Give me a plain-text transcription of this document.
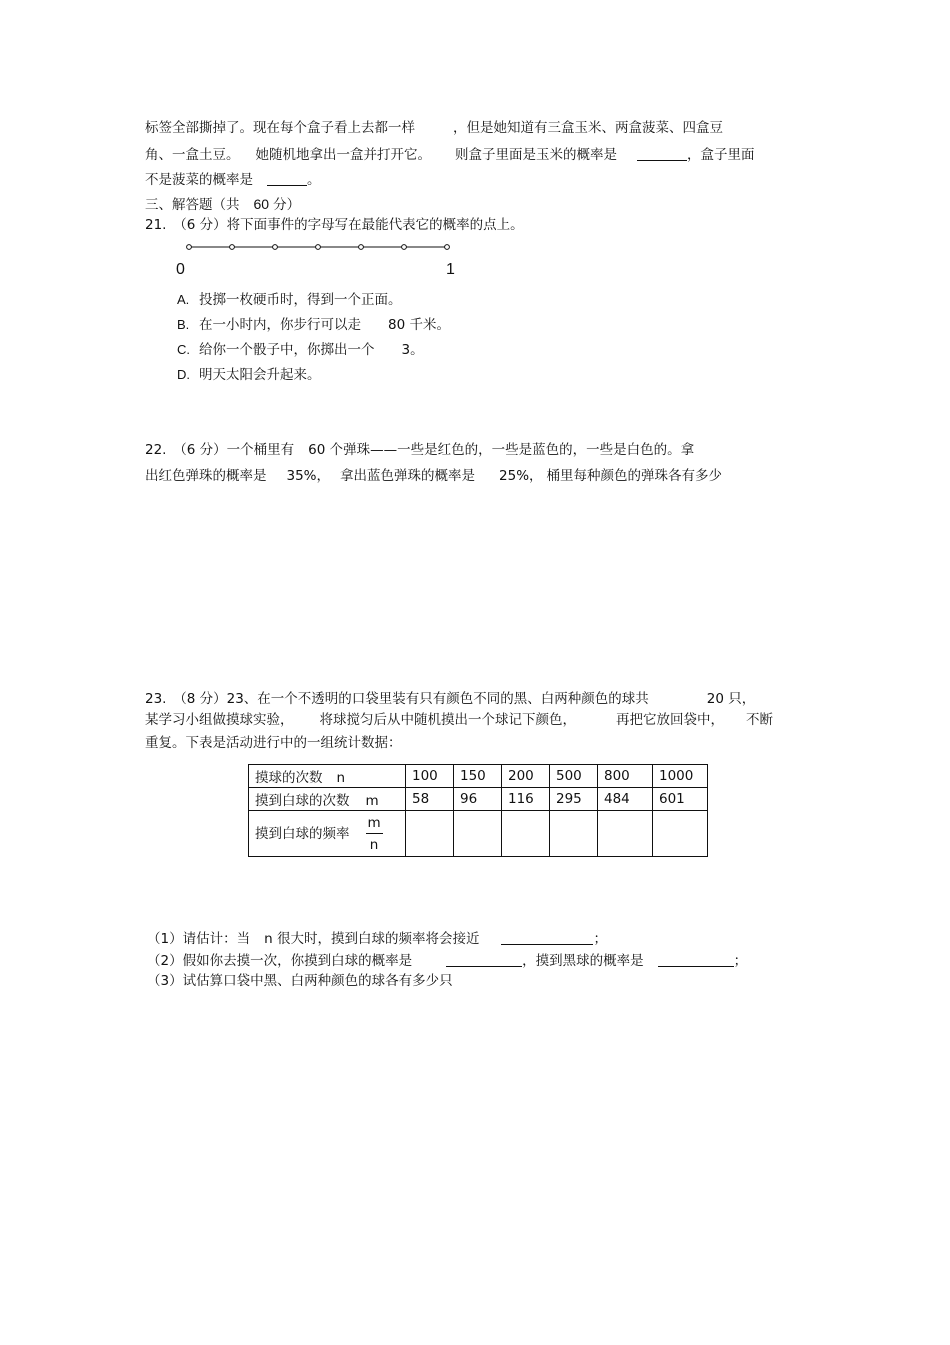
标签全部撕掉了。现在每个盒子看上去都一样	，但是她知道有三盒玉米、两盒菠菜、四盒豆
角、一盒土豆。 她随机地拿出一盒并打开它。 则盒子里面是玉米的概率是	，盒子里面
不是菠菜的概率是	。
三、解答题（共 60 分）
21.　（6 分）将下面事件的字母写在最能代表它的概率的点上。
0	1
A. 投掷一枚硬币时，得到一个正面。
B. 在一小时内，你步行可以走　　80 千米。
C. 给你一个骰子中，你掷出一个　　3。
D. 明天太阳会升起来。
22.　（6 分）一个桶里有 60 个弹珠——一些是红色的，一些是蓝色的，一些是白色的。拿
出红色弹珠的概率是 35%， 拿出蓝色弹珠的概率是 25%， 桶里每种颜色的弹珠各有多少
23.　（8 分）23、在一个不透明的口袋里装有只有颜色不同的黑、白两种颜色的球共	20 只，
某学习小组做摸球实验， 将球搅匀后从中随机摸出一个球记下颜色，	再把它放回袋中， 不断
重复。下表是活动进行中的一组统计数据：
摸球的次数 n	100	150	200	500	800	1000
摸到白球的次数 m	58	96	116	295	484	601
摸到白球的频率 $\frac{m}{n}$

（1）请估计：当 n 很大时，摸到白球的频率将会接近	；
（2）假如你去摸一次，你摸到白球的概率是	，摸到黑球的概率是	；
（3）试估算口袋中黑、白两种颜色的球各有多少只
